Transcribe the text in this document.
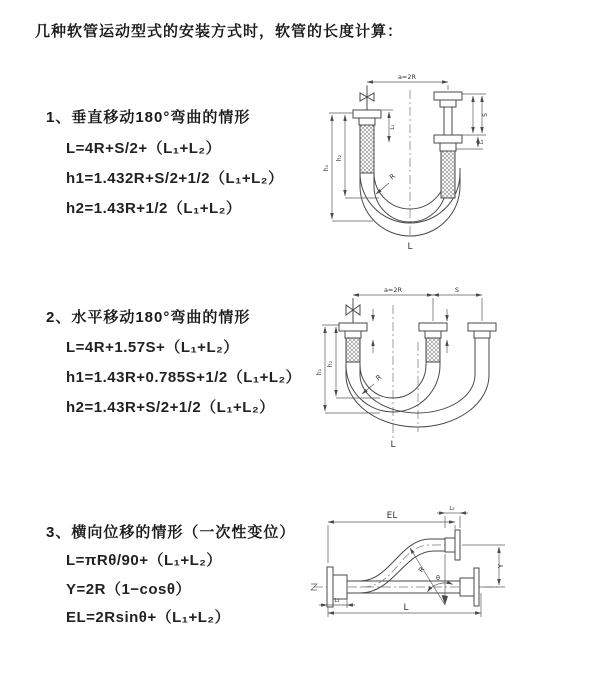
几种软管运动型式的安装方式时，软管的长度计算：
1、垂直移动180°弯曲的情形
L=4R+S/2+（L₁+L₂）
h1=1.432R+S/2+1/2（L₁+L₂）
h2=1.43R+1/2（L₁+L₂）
a=2R
L₁
S
L₂
h₁
h₂
R
L
2、水平移动180°弯曲的情形
L=4R+1.57S+（L₁+L₂）
h1=1.43R+0.785S+1/2（L₁+L₂）
h2=1.43R+S/2+1/2（L₁+L₂）
a=2R	S
h₁
h₂
R
L
3、横向位移的情形（一次性变位）
L=πRθ/90+（L₁+L₂）
Y=2R（1−cosθ）
EL=2Rsinθ+（L₁+L₂）
EL
L₂
Y
L
L₁
R
θ
